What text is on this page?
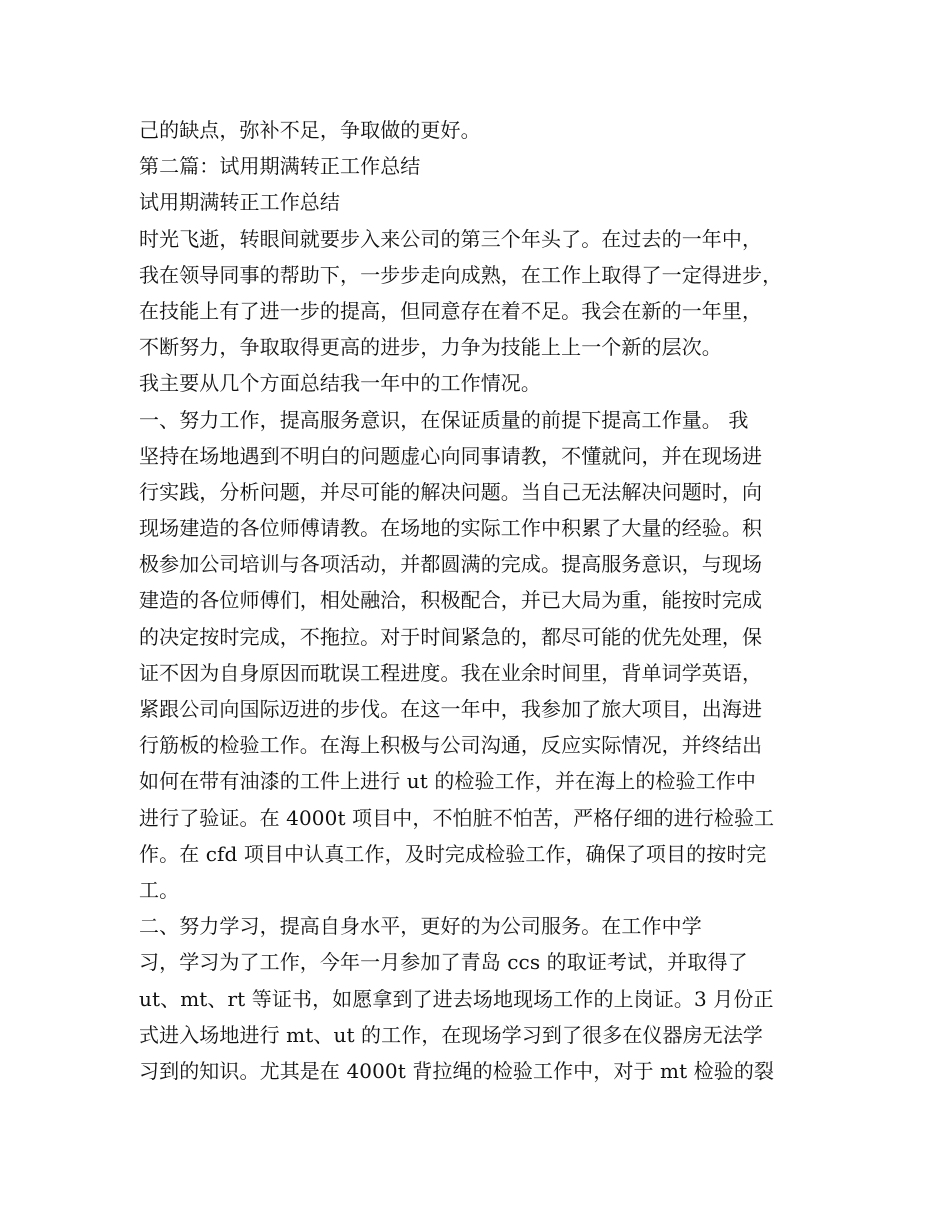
己的缺点，弥补不足，争取做的更好。
第二篇：试用期满转正工作总结
试用期满转正工作总结
时光飞逝，转眼间就要步入来公司的第三个年头了。在过去的一年中，
我在领导同事的帮助下，一步步走向成熟，在工作上取得了一定得进步，
在技能上有了进一步的提高，但同意存在着不足。我会在新的一年里，
不断努力，争取取得更高的进步，力争为技能上上一个新的层次。
我主要从几个方面总结我一年中的工作情况。
一、努力工作，提高服务意识，在保证质量的前提下提高工作量。 我
坚持在场地遇到不明白的问题虚心向同事请教，不懂就问，并在现场进
行实践，分析问题，并尽可能的解决问题。当自己无法解决问题时，向
现场建造的各位师傅请教。在场地的实际工作中积累了大量的经验。积
极参加公司培训与各项活动，并都圆满的完成。提高服务意识，与现场
建造的各位师傅们，相处融洽，积极配合，并已大局为重，能按时完成
的决定按时完成，不拖拉。对于时间紧急的，都尽可能的优先处理，保
证不因为自身原因而耽误工程进度。我在业余时间里，背单词学英语，
紧跟公司向国际迈进的步伐。在这一年中，我参加了旅大项目，出海进
行筋板的检验工作。在海上积极与公司沟通，反应实际情况，并终结出
如何在带有油漆的工件上进行 ut 的检验工作，并在海上的检验工作中
进行了验证。在 4000t 项目中，不怕脏不怕苦，严格仔细的进行检验工
作。在 cfd 项目中认真工作，及时完成检验工作，确保了项目的按时完
工。
二、努力学习，提高自身水平，更好的为公司服务。在工作中学
习，学习为了工作，今年一月参加了青岛 ccs 的取证考试，并取得了
ut、mt、rt 等证书，如愿拿到了进去场地现场工作的上岗证。3 月份正
式进入场地进行 mt、ut 的工作，在现场学习到了很多在仪器房无法学
习到的知识。尤其是在 4000t 背拉绳的检验工作中，对于 mt 检验的裂
